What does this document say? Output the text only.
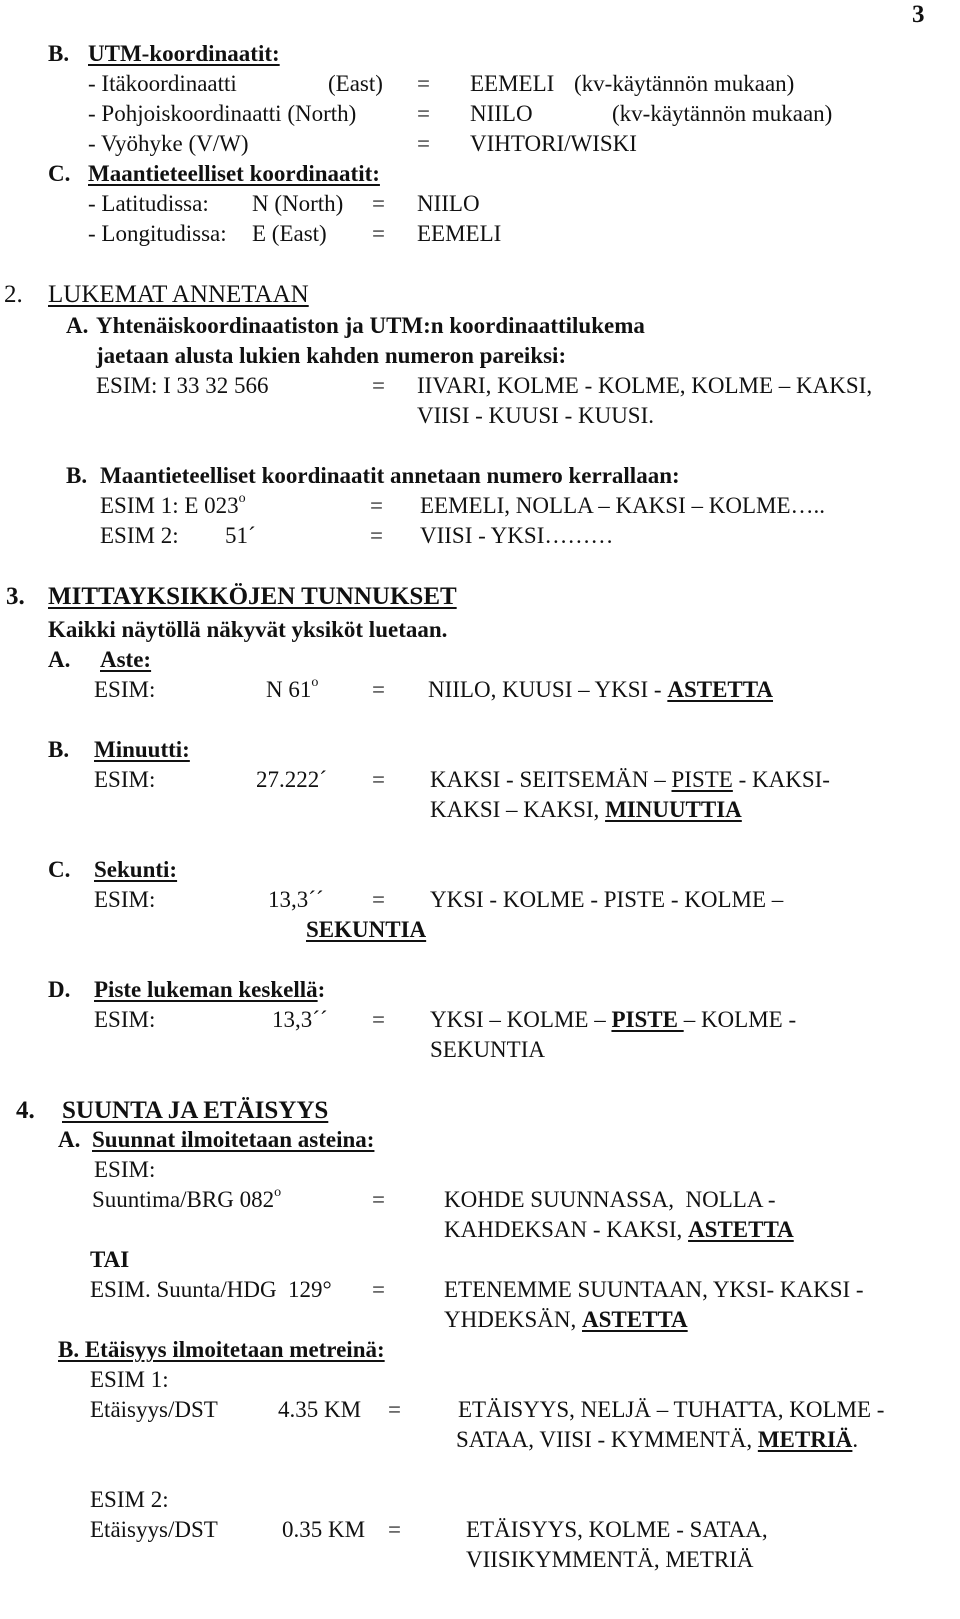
3
B. UTM-koordinaatit:
- Itäkoordinaatti	(East) = EEMELI (kv-käytännön mukaan)
- Pohjoiskoordinaatti (North)	= NIILO	(kv-käytännön mukaan)
- Vyöhyke (V/W)	= VIHTORI/WISKI
C. Maantieteelliset koordinaatit:
- Latitudissa: N (North) = NIILO
- Longitudissa: E (East) = EEMELI
2. LUKEMAT ANNETAAN
A. Yhtenäiskoordinaatiston ja UTM:n koordinaattilukema
jaetaan alusta lukien kahden numeron pareiksi:
ESIM: I 33 32 566	= IIVARI, KOLME - KOLME, KOLME – KAKSI,
VIISI - KUUSI - KUUSI.
B. Maantieteelliset koordinaatit annetaan numero kerrallaan:
ESIM 1: E $023^o$	= EEMELI, NOLLA – KAKSI – KOLME…..
ESIM 2: 51´	= VIISI - YKSI………
3. MITTAYKSIKKÖJEN TUNNUKSET
Kaikki näytöllä näkyvät yksiköt luetaan.
A. Aste:
ESIM:	N $61^o$ = NIILO, KUUSI – YKSI - ASTETTA
B. Minuutti:
ESIM:	27.222´ = KAKSI - SEITSEMÄN – PISTE - KAKSI-
KAKSI – KAKSI, MINUUTTIA
C. Sekunti:
ESIM:	13,3´´ = YKSI - KOLME - PISTE - KOLME –
SEKUNTIA
D. Piste lukeman keskellä:
ESIM:	13,3´´ = YKSI – KOLME – PISTE – KOLME -
SEKUNTIA
4. SUUNTA JA ETÄISYYS
A. Suunnat ilmoitetaan asteina:
ESIM:
Suuntima/BRG $082^o$	=	KOHDE SUUNNASSA,  NOLLA -
KAHDEKSAN - KAKSI, ASTETTA
TAI
ESIM. Suunta/HDG  129° =	ETENEMME SUUNTAAN, YKSI- KAKSI -
YHDEKSÄN, ASTETTA
B. Etäisyys ilmoitetaan metreinä:
ESIM 1:
Etäisyys/DST	4.35 KM = ETÄISYYS, NELJÄ – TUHATTA, KOLME -
SATAA, VIISI - KYMMENTÄ, METRIÄ.
ESIM 2:
Etäisyys/DST	0.35 KM =	ETÄISYYS, KOLME - SATAA,
VIISIKYMMENTÄ, METRIÄ
